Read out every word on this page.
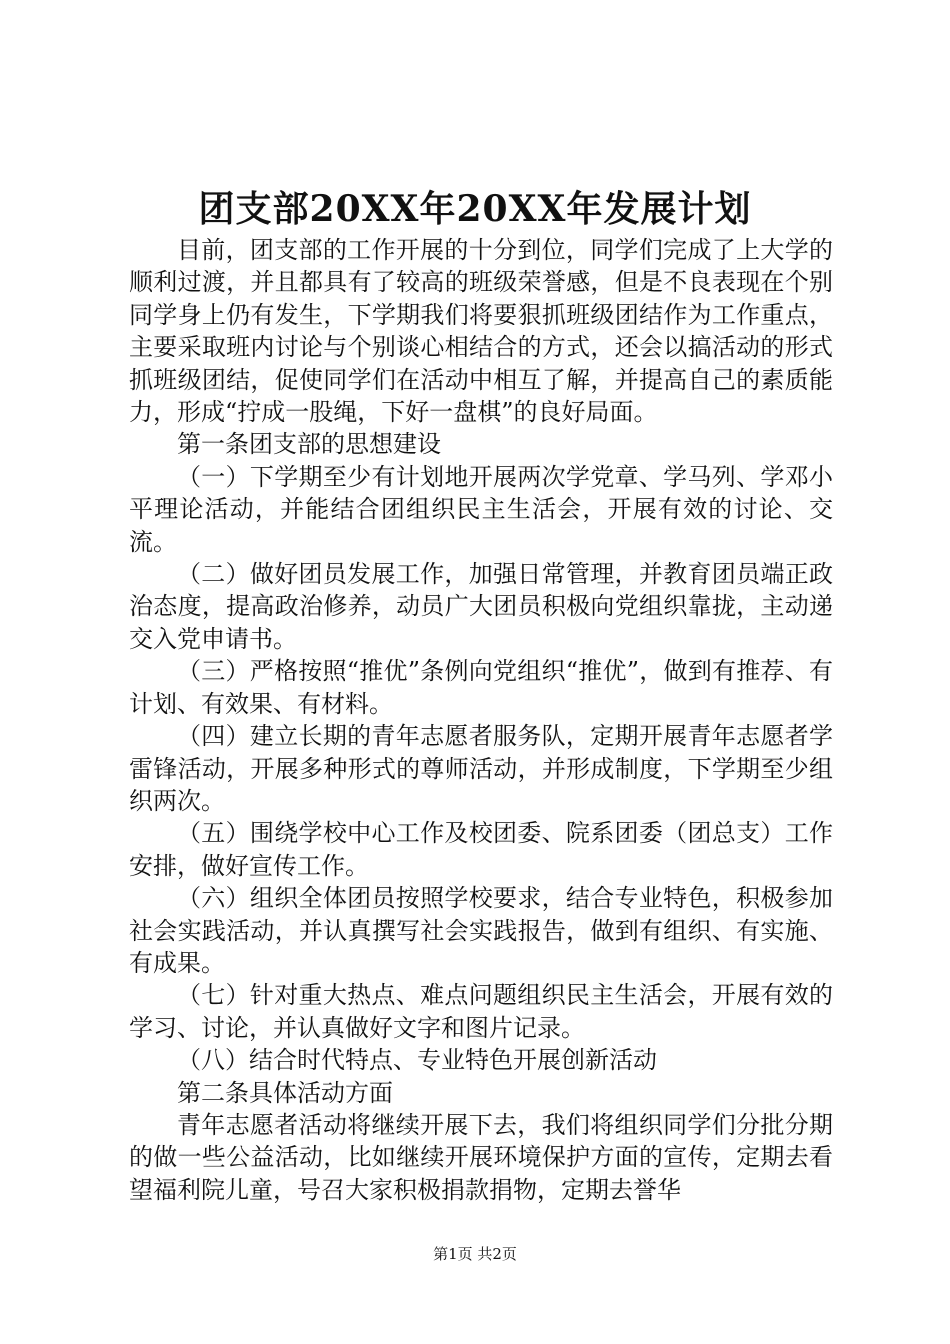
团支部20XX年20XX年发展计划

目前，团支部的工作开展的十分到位，同学们完成了上大学的顺利过渡，并且都具有了较高的班级荣誉感，但是不良表现在个别同学身上仍有发生，下学期我们将要狠抓班级团结作为工作重点，主要采取班内讨论与个别谈心相结合的方式，还会以搞活动的形式抓班级团结，促使同学们在活动中相互了解，并提高自己的素质能力，形成“拧成一股绳，下好一盘棋”的良好局面。

第一条团支部的思想建设

（一）下学期至少有计划地开展两次学党章、学马列、学邓小平理论活动，并能结合团组织民主生活会，开展有效的讨论、交流。

（二）做好团员发展工作，加强日常管理，并教育团员端正政治态度，提高政治修养，动员广大团员积极向党组织靠拢，主动递交入党申请书。

（三）严格按照“推优”条例向党组织“推优”，做到有推荐、有计划、有效果、有材料。

（四）建立长期的青年志愿者服务队，定期开展青年志愿者学雷锋活动，开展多种形式的尊师活动，并形成制度，下学期至少组织两次。

（五）围绕学校中心工作及校团委、院系团委（团总支）工作安排，做好宣传工作。

（六）组织全体团员按照学校要求，结合专业特色，积极参加社会实践活动，并认真撰写社会实践报告，做到有组织、有实施、有成果。

（七）针对重大热点、难点问题组织民主生活会，开展有效的学习、讨论，并认真做好文字和图片记录。

（八）结合时代特点、专业特色开展创新活动

第二条具体活动方面

青年志愿者活动将继续开展下去，我们将组织同学们分批分期的做一些公益活动，比如继续开展环境保护方面的宣传，定期去看望福利院儿童，号召大家积极捐款捐物，定期去誉华

第1页 共2页
